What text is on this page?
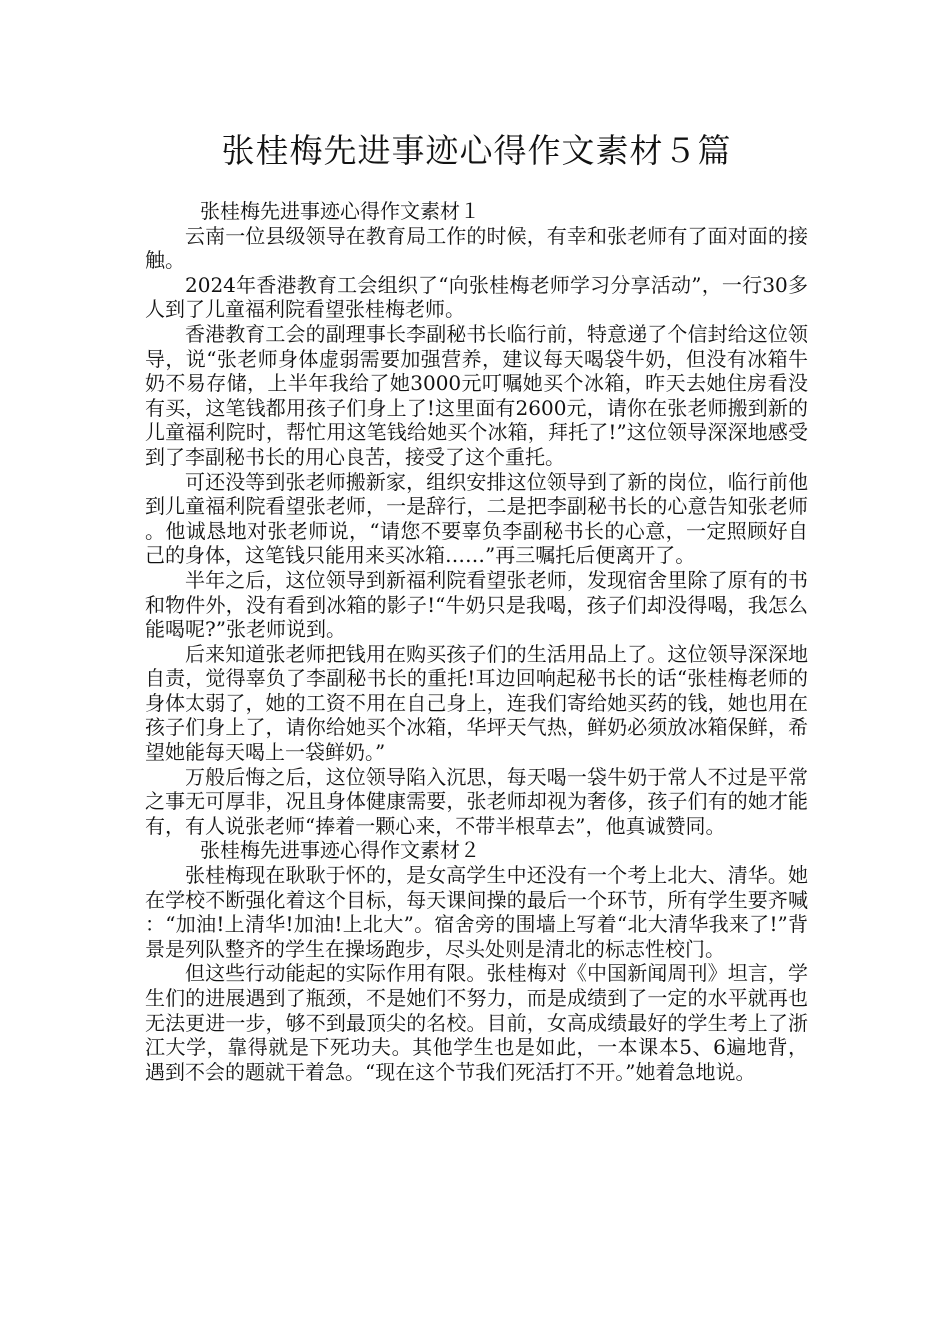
张桂梅先进事迹心得作文素材５篇

张桂梅先进事迹心得作文素材１

云南一位县级领导在教育局工作的时候，有幸和张老师有了面对面的接触。

2024年香港教育工会组织了“向张桂梅老师学习分享活动”，一行30多人到了儿童福利院看望张桂梅老师。

香港教育工会的副理事长李副秘书长临行前，特意递了个信封给这位领导，说“张老师身体虚弱需要加强营养，建议每天喝袋牛奶，但没有冰箱牛奶不易存储，上半年我给了她3000元叮嘱她买个冰箱，昨天去她住房看没有买，这笔钱都用孩子们身上了!这里面有2600元，请你在张老师搬到新的儿童福利院时，帮忙用这笔钱给她买个冰箱，拜托了!”这位领导深深地感受到了李副秘书长的用心良苦，接受了这个重托。

可还没等到张老师搬新家，组织安排这位领导到了新的岗位，临行前他到儿童福利院看望张老师，一是辞行，二是把李副秘书长的心意告知张老师。他诚恳地对张老师说，“请您不要辜负李副秘书长的心意，一定照顾好自己的身体，这笔钱只能用来买冰箱……”再三嘱托后便离开了。

半年之后，这位领导到新福利院看望张老师，发现宿舍里除了原有的书和物件外，没有看到冰箱的影子!“牛奶只是我喝，孩子们却没得喝，我怎么能喝呢?”张老师说到。

后来知道张老师把钱用在购买孩子们的生活用品上了。这位领导深深地自责，觉得辜负了李副秘书长的重托!耳边回响起秘书长的话“张桂梅老师的身体太弱了，她的工资不用在自己身上，连我们寄给她买药的钱，她也用在孩子们身上了，请你给她买个冰箱，华坪天气热，鲜奶必须放冰箱保鲜，希望她能每天喝上一袋鲜奶。”

万般后悔之后，这位领导陷入沉思，每天喝一袋牛奶于常人不过是平常之事无可厚非，况且身体健康需要，张老师却视为奢侈，孩子们有的她才能有，有人说张老师“捧着一颗心来，不带半根草去”，他真诚赞同。

张桂梅先进事迹心得作文素材２

张桂梅现在耿耿于怀的，是女高学生中还没有一个考上北大、清华。她在学校不断强化着这个目标，每天课间操的最后一个环节，所有学生要齐喊：“加油!上清华!加油!上北大”。宿舍旁的围墙上写着“北大清华我来了!”背景是列队整齐的学生在操场跑步，尽头处则是清北的标志性校门。

但这些行动能起的实际作用有限。张桂梅对《中国新闻周刊》坦言，学生们的进展遇到了瓶颈，不是她们不努力，而是成绩到了一定的水平就再也无法更进一步，够不到最顶尖的名校。目前，女高成绩最好的学生考上了浙江大学，靠得就是下死功夫。其他学生也是如此，一本课本5、6遍地背，遇到不会的题就干着急。“现在这个节我们死活打不开。”她着急地说。
